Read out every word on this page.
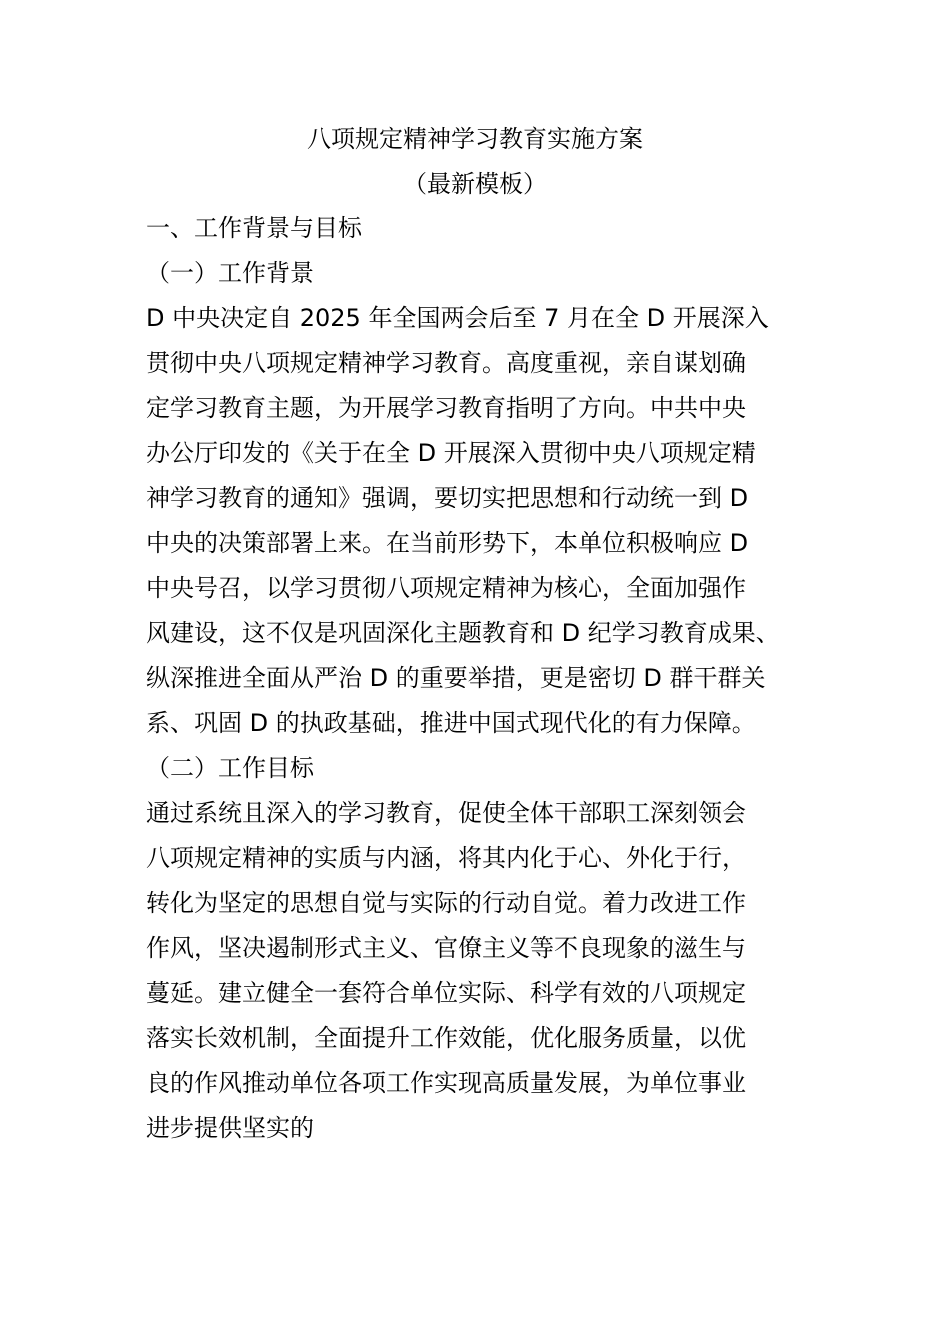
八项规定精神学习教育实施方案
（最新模板）
一、工作背景与目标
（一）工作背景
D 中央决定自 2025 年全国两会后至 7 月在全 D 开展深入
贯彻中央八项规定精神学习教育。高度重视，亲自谋划确
定学习教育主题，为开展学习教育指明了方向。中共中央
办公厅印发的《关于在全 D 开展深入贯彻中央八项规定精
神学习教育的通知》强调，要切实把思想和行动统一到 D
中央的决策部署上来。在当前形势下，本单位积极响应 D
中央号召，以学习贯彻八项规定精神为核心，全面加强作
风建设，这不仅是巩固深化主题教育和 D 纪学习教育成果、
纵深推进全面从严治 D 的重要举措，更是密切 D 群干群关
系、巩固 D 的执政基础，推进中国式现代化的有力保障。
（二）工作目标
通过系统且深入的学习教育，促使全体干部职工深刻领会
八项规定精神的实质与内涵，将其内化于心、外化于行，
转化为坚定的思想自觉与实际的行动自觉。着力改进工作
作风，坚决遏制形式主义、官僚主义等不良现象的滋生与
蔓延。建立健全一套符合单位实际、科学有效的八项规定
落实长效机制，全面提升工作效能，优化服务质量，以优
良的作风推动单位各项工作实现高质量发展，为单位事业
进步提供坚实的
